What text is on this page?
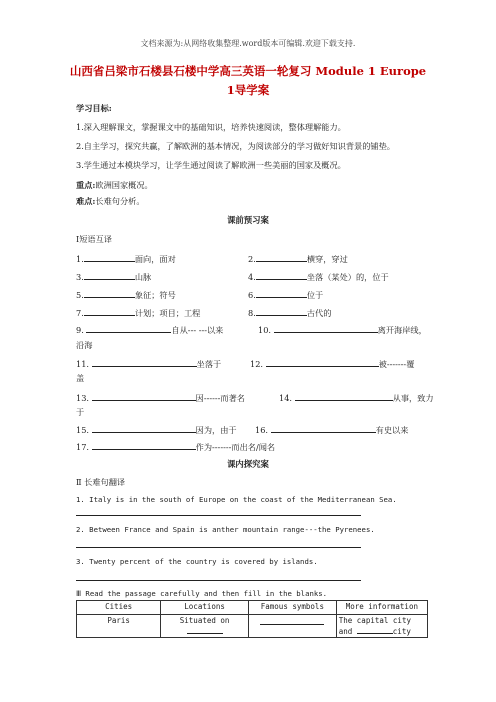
文档来源为:从网络收集整理.word版本可编辑.欢迎下载支持.
山西省吕梁市石楼县石楼中学高三英语一轮复习 Module 1 Europe
1导学案
学习目标:
1.深入理解课文，掌握课文中的基础知识，培养快速阅读，整体理解能力。
2.自主学习，探究共赢，了解欧洲的基本情况，为阅读部分的学习做好知识背景的铺垫。
3.学生通过本模块学习，让学生通过阅读了解欧洲一些美丽的国家及概况。
重点:欧洲国家概况。
难点:长难句分析。
课前预习案
Ⅰ短语互译
1.	面向，面对	2.	横穿，穿过
3.	山脉	4.	坐落（某处）的，位于
5.	象征；符号	6.	位于
7.	计划；项目；工程	8.	古代的
9.	自从--- ---以来	10.	离开海岸线，
沿海
11.	坐落于	12.	被-------覆
盖
13.	因------而著名	14.	从事，致力
于
15.	因为，由于 16.	有史以来
17.	作为-------而出名/闻名
课内探究案
Ⅱ 长难句翻译
1. Italy is in the south of Europe on the coast of the Mediterranean Sea.
2. Between France and Spain is anther mountain range---the Pyrenees.
3. Twenty percent of the country is covered by islands.
Ⅲ Read the passage carefully and then fill in the blanks.
Cities	Locations	Famous symbols	More information
Paris	Situated on		The capital city
and city
